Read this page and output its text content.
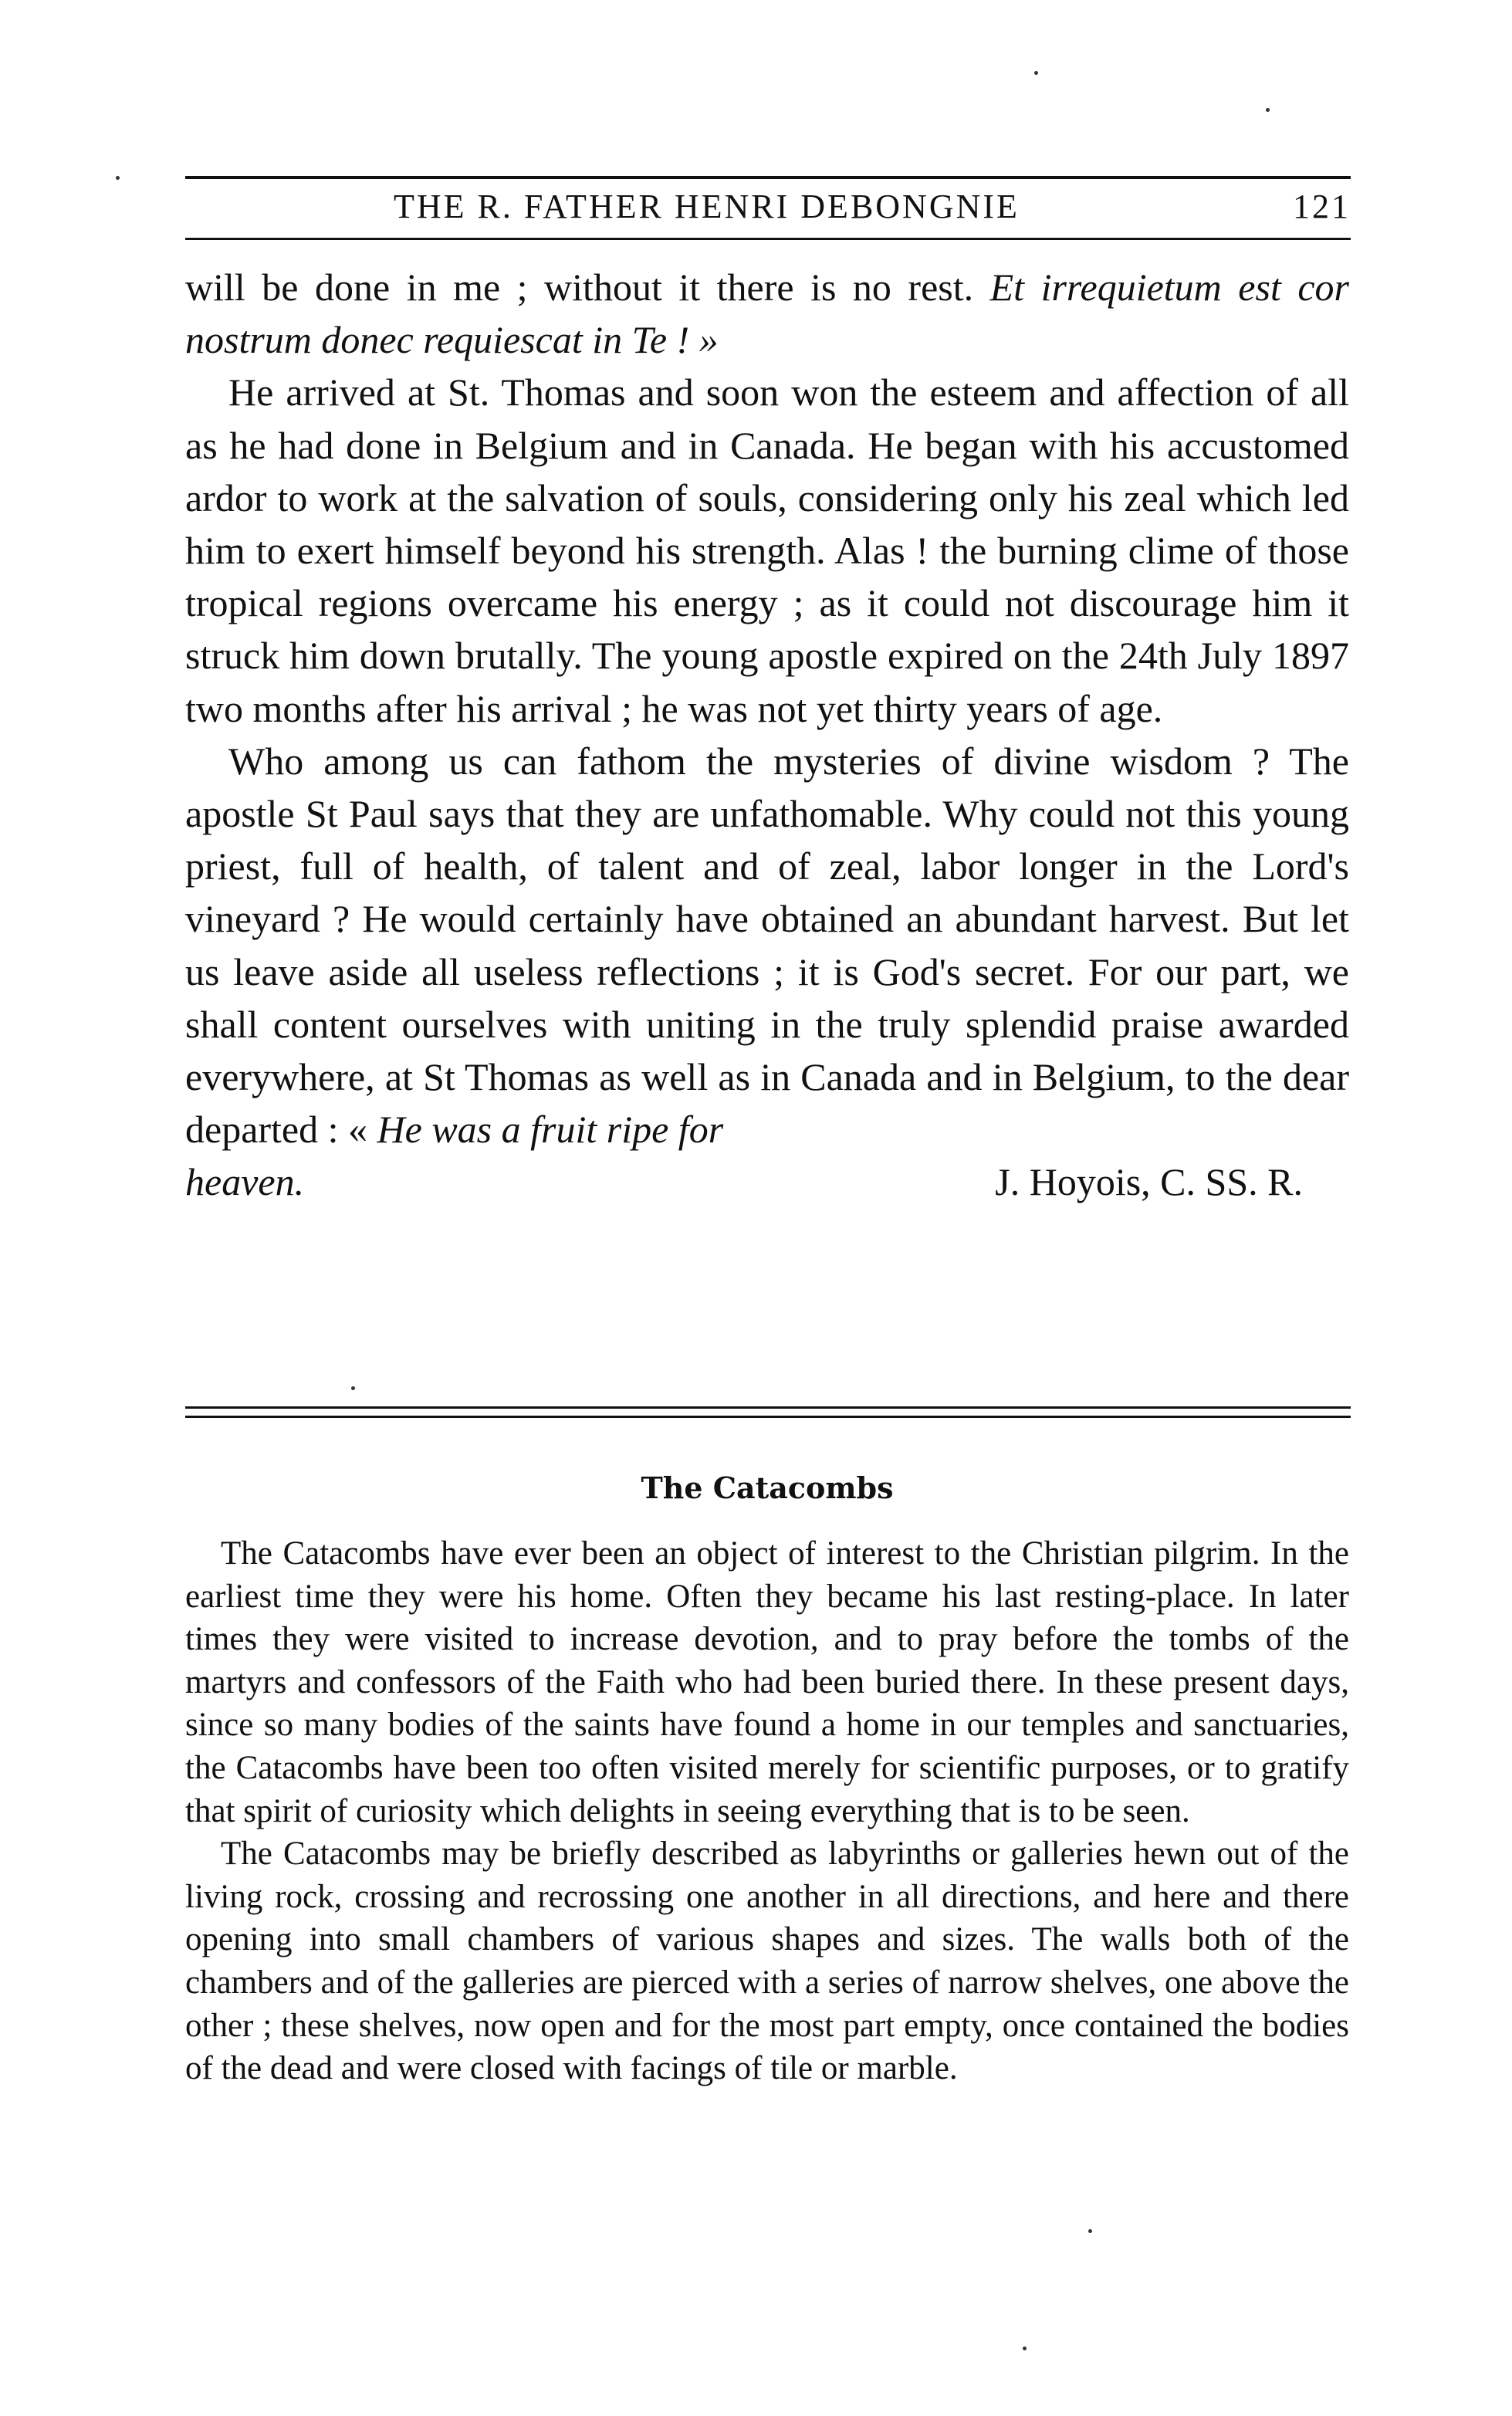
THE R. FATHER HENRI DEBONGNIE	121

will be done in me ; without it there is no rest. Et irrequietum est cor nostrum donec requiescat in Te ! »

He arrived at St. Thomas and soon won the esteem and affection of all as he had done in Belgium and in Canada. He began with his accustomed ardor to work at the salvation of souls, considering only his zeal which led him to exert himself beyond his strength. Alas ! the burning clime of those tropical regions overcame his energy ; as it could not discourage him it struck him down brutally. The young apostle expired on the 24th July 1897 two months after his arrival ; he was not yet thirty years of age.

Who among us can fathom the mysteries of divine wisdom ? The apostle St Paul says that they are unfathomable. Why could not this young priest, full of health, of talent and of zeal, labor longer in the Lord's vineyard ? He would certainly have obtained an abundant harvest. But let us leave aside all useless reflections ; it is God's secret. For our part, we shall content ourselves with uniting in the truly splendid praise awarded everywhere, at St Thomas as well as in Canada and in Belgium, to the dear departed : « He was a fruit ripe for

heaven.	J. Hoyois, C. SS. R.
The Catacombs

The Catacombs have ever been an object of interest to the Christian pilgrim. In the earliest time they were his home. Often they became his last resting-place. In later times they were visited to increase devotion, and to pray before the tombs of the martyrs and confessors of the Faith who had been buried there. In these present days, since so many bodies of the saints have found a home in our temples and sanctuaries, the Catacombs have been too often visited merely for scientific purposes, or to gratify that spirit of curiosity which delights in seeing everything that is to be seen.

The Catacombs may be briefly described as labyrinths or galleries hewn out of the living rock, crossing and recrossing one another in all directions, and here and there opening into small chambers of various shapes and sizes. The walls both of the chambers and of the galleries are pierced with a series of narrow shelves, one above the other ; these shelves, now open and for the most part empty, once contained the bodies of the dead and were closed with facings of tile or marble.
